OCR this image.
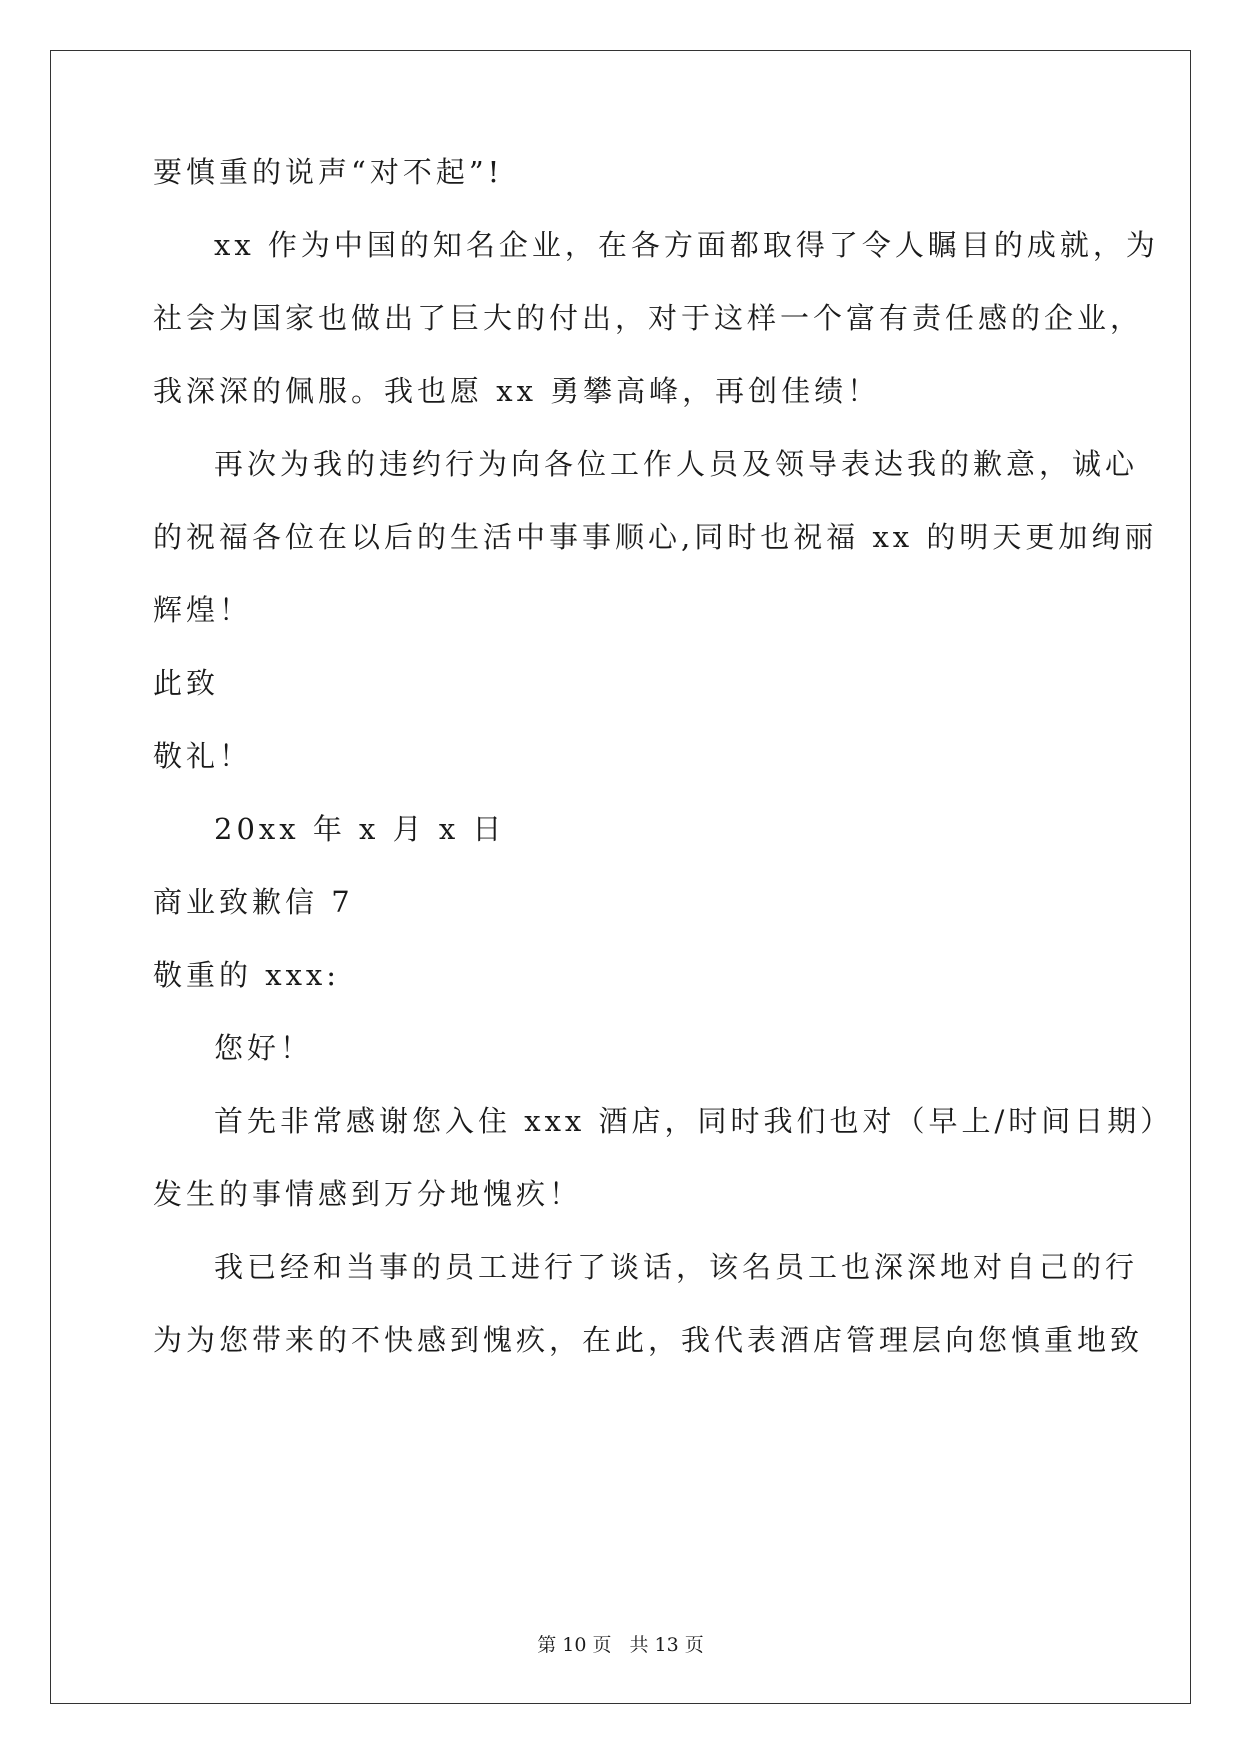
要慎重的说声“对不起”!
xx 作为中国的知名企业，在各方面都取得了令人瞩目的成就，为
社会为国家也做出了巨大的付出，对于这样一个富有责任感的企业，
我深深的佩服。我也愿 xx 勇攀高峰，再创佳绩！
再次为我的违约行为向各位工作人员及领导表达我的歉意，诚心
的祝福各位在以后的生活中事事顺心,同时也祝福 xx 的明天更加绚丽
辉煌！
此致
敬礼！
20xx 年 x 月 x 日
商业致歉信 7
敬重的 xxx:
您好！
首先非常感谢您入住 xxx 酒店，同时我们也对（早上/时间日期）
发生的事情感到万分地愧疚！
我已经和当事的员工进行了谈话，该名员工也深深地对自己的行
为为您带来的不快感到愧疚，在此，我代表酒店管理层向您慎重地致
第 10 页 共 13 页
